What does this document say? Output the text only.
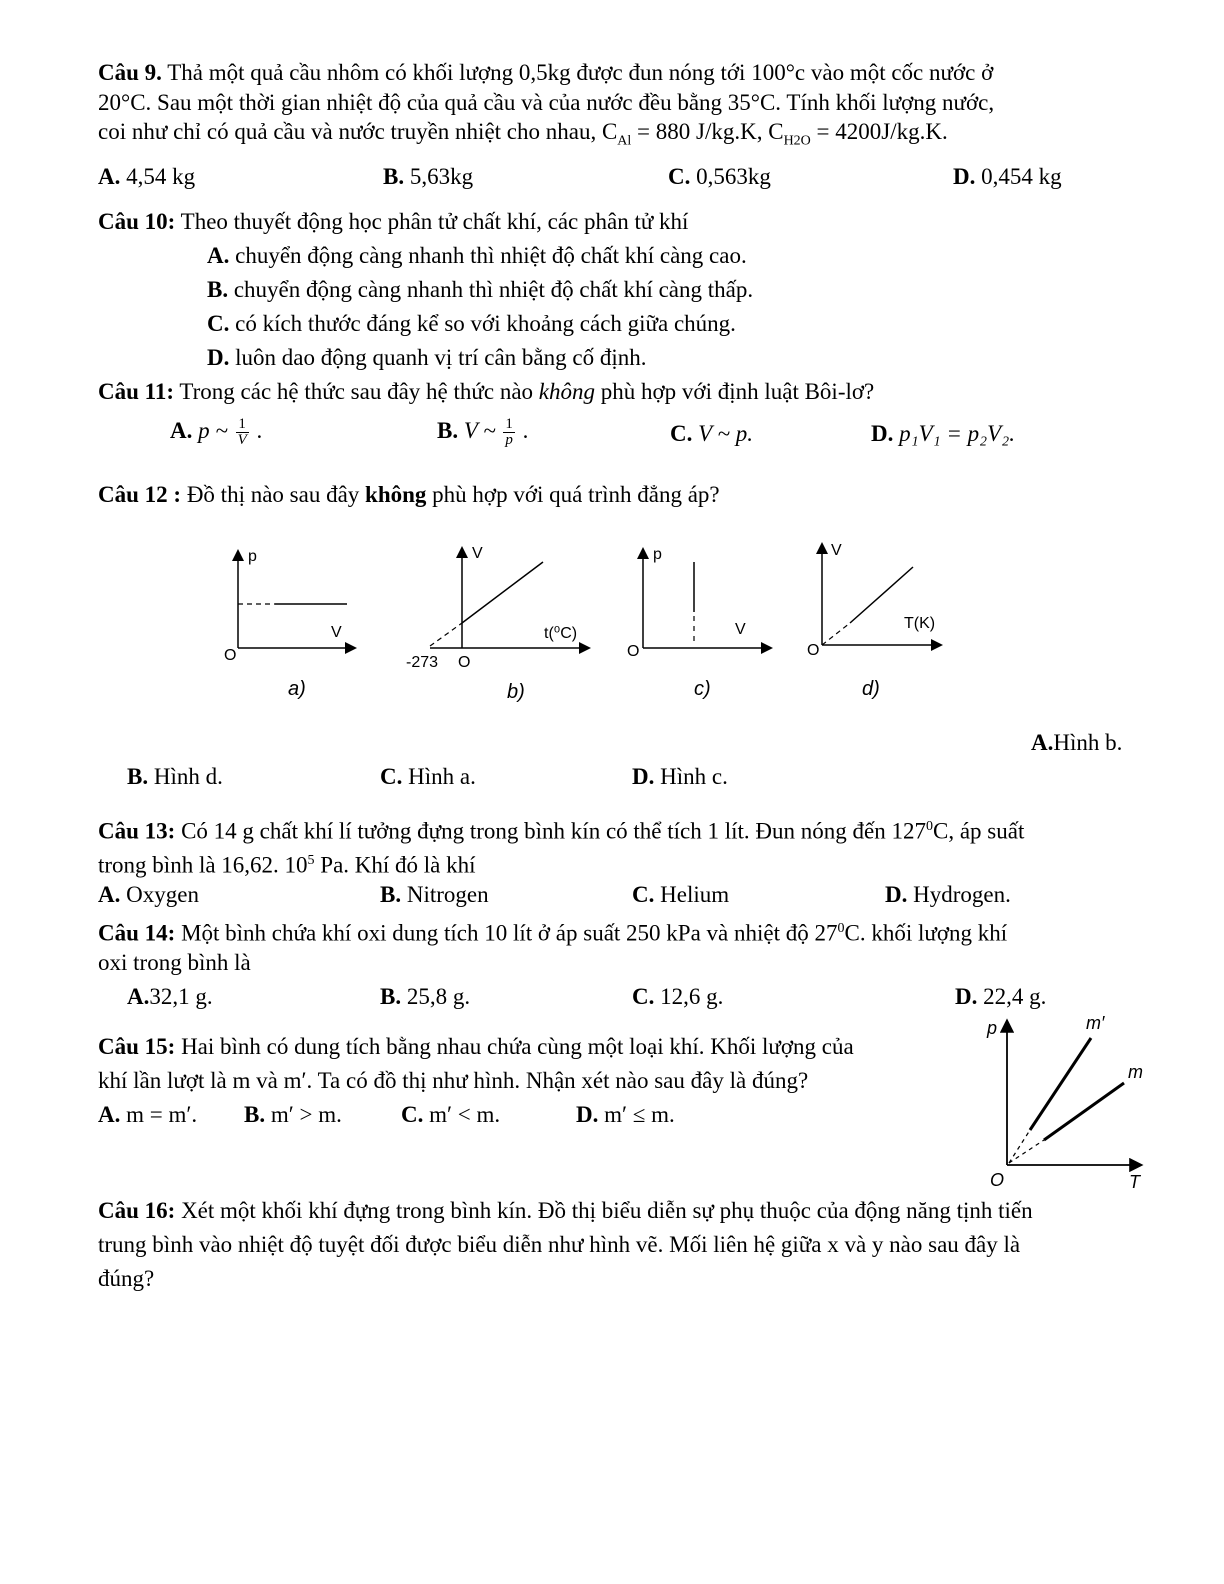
Câu 9. Thả một quả cầu nhôm có khối lượng 0,5kg được đun nóng tới 100°c vào một cốc nước ở
20°C. Sau một thời gian nhiệt độ của quả cầu và của nước đều bằng 35°C. Tính khối lượng nước,
coi như chỉ có quả cầu và nước truyền nhiệt cho nhau, $C_{Al} = 880$ J/kg.K, $C_{H2O} = 4200J/kg.K$.
A. 4,54 kg	B. 5,63kg	C. 0,563kg	D. 0,454 kg
Câu 10: Theo thuyết động học phân tử chất khí, các phân tử khí
A. chuyển động càng nhanh thì nhiệt độ chất khí càng cao.
B. chuyển động càng nhanh thì nhiệt độ chất khí càng thấp.
C. có kích thước đáng kể so với khoảng cách giữa chúng.
D. luôn dao động quanh vị trí cân bằng cố định.
Câu 11: Trong các hệ thức sau đây hệ thức nào không phù hợp với định luật Bôi-lơ?
A. p ~ $\frac{1}{V}$ .	B. V ~ $\frac{1}{p}$ .	C. V ~ p.	D. p₁V₁ = p₂V₂.
Câu 12 : Đồ thị nào sau đây không phù hợp với quá trình đẳng áp?
p
V
O
a)
V
t(⁰C)
-273 O
b)
p
V
O
c)
V
T(K)
O
d)
A.Hình b.
B. Hình d.	C. Hình a.	D. Hình c.
Câu 13: Có 14 g chất khí lí tưởng đựng trong bình kín có thể tích 1 lít. Đun nóng đến $127^0C$, áp suất
trong bình là 16,62. $10^5$ Pa. Khí đó là khí
A. Oxygen	B. Nitrogen	C. Helium	D. Hydrogen.
Câu 14: Một bình chứa khí oxi dung tích 10 lít ở áp suất 250 kPa và nhiệt độ $27^0C$. khối lượng khí
oxi trong bình là
A.32,1 g.	B. 25,8 g.	C. 12,6 g.	D. 22,4 g.
Câu 15: Hai bình có dung tích bằng nhau chứa cùng một loại khí. Khối lượng của
khí lần lượt là m và m′. Ta có đồ thị như hình. Nhận xét nào sau đây là đúng?
A. m = m′. B. m′ > m.	C. m′ < m.	D. m′ ≤ m.
p	m′
m
O	T
Câu 16: Xét một khối khí đựng trong bình kín. Đồ thị biểu diễn sự phụ thuộc của động năng tịnh tiến
trung bình vào nhiệt độ tuyệt đối được biểu diễn như hình vẽ. Mối liên hệ giữa x và y nào sau đây là
đúng?
